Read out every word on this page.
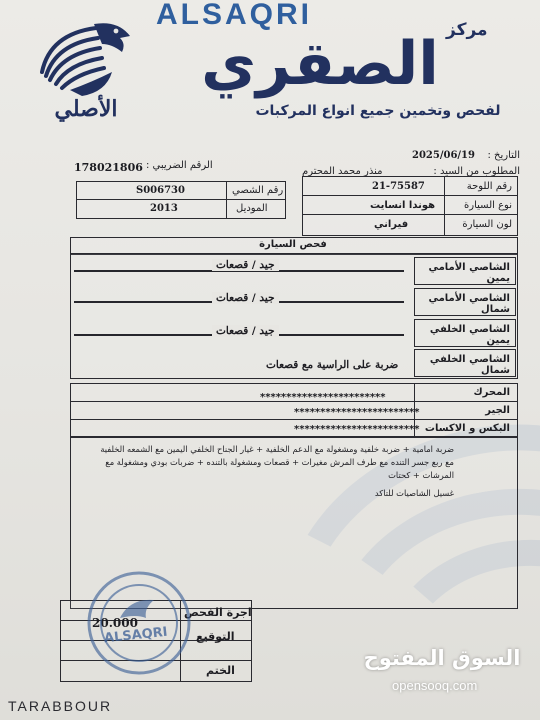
الأصلي
ALSAQRI	مركز
الصقري
لفحص وتخمين جميع انواع المركبات
التاريخ :
2025/06/19
المطلوب من السيد :
منذر محمد المحترم
الرقم الضريبي :
178021806
رقم اللوحة
21-75587
نوع السيارة
هوندا انسايت
لون السيارة
فيراني
رقم الشصي
S006730
الموديل
2013
فحص السيارة
الشاصي الأمامي يمين
جيد / قصعات
الشاصي الأمامي شمال
جيد / قصعات
الشاصي الخلفي يمين
جيد / قصعات
الشاصي الخلفي شمال
ضربة على الراسية مع قصعات
المحرك
************************
الجير
************************
البكس و الاكسات
************************
ضربة امامية + ضربة خلفية ومشغولة مع الدعم الخلفية + غيار الجناح الخلفي اليمين مع الشمعه الخلفية
مع ربع جسر التنده مع طرف المرش مغيرات + قصعات ومشغولة بالتنده + ضربات بودي ومشغولة مع
المرشات + كحتات
غسيل الشاصيات للتاكد
اجرة الفحص
20.000
التوقيع
الختم
ALSAQRI
TARABBOUR
السوق المفتوح
opensooq.com
